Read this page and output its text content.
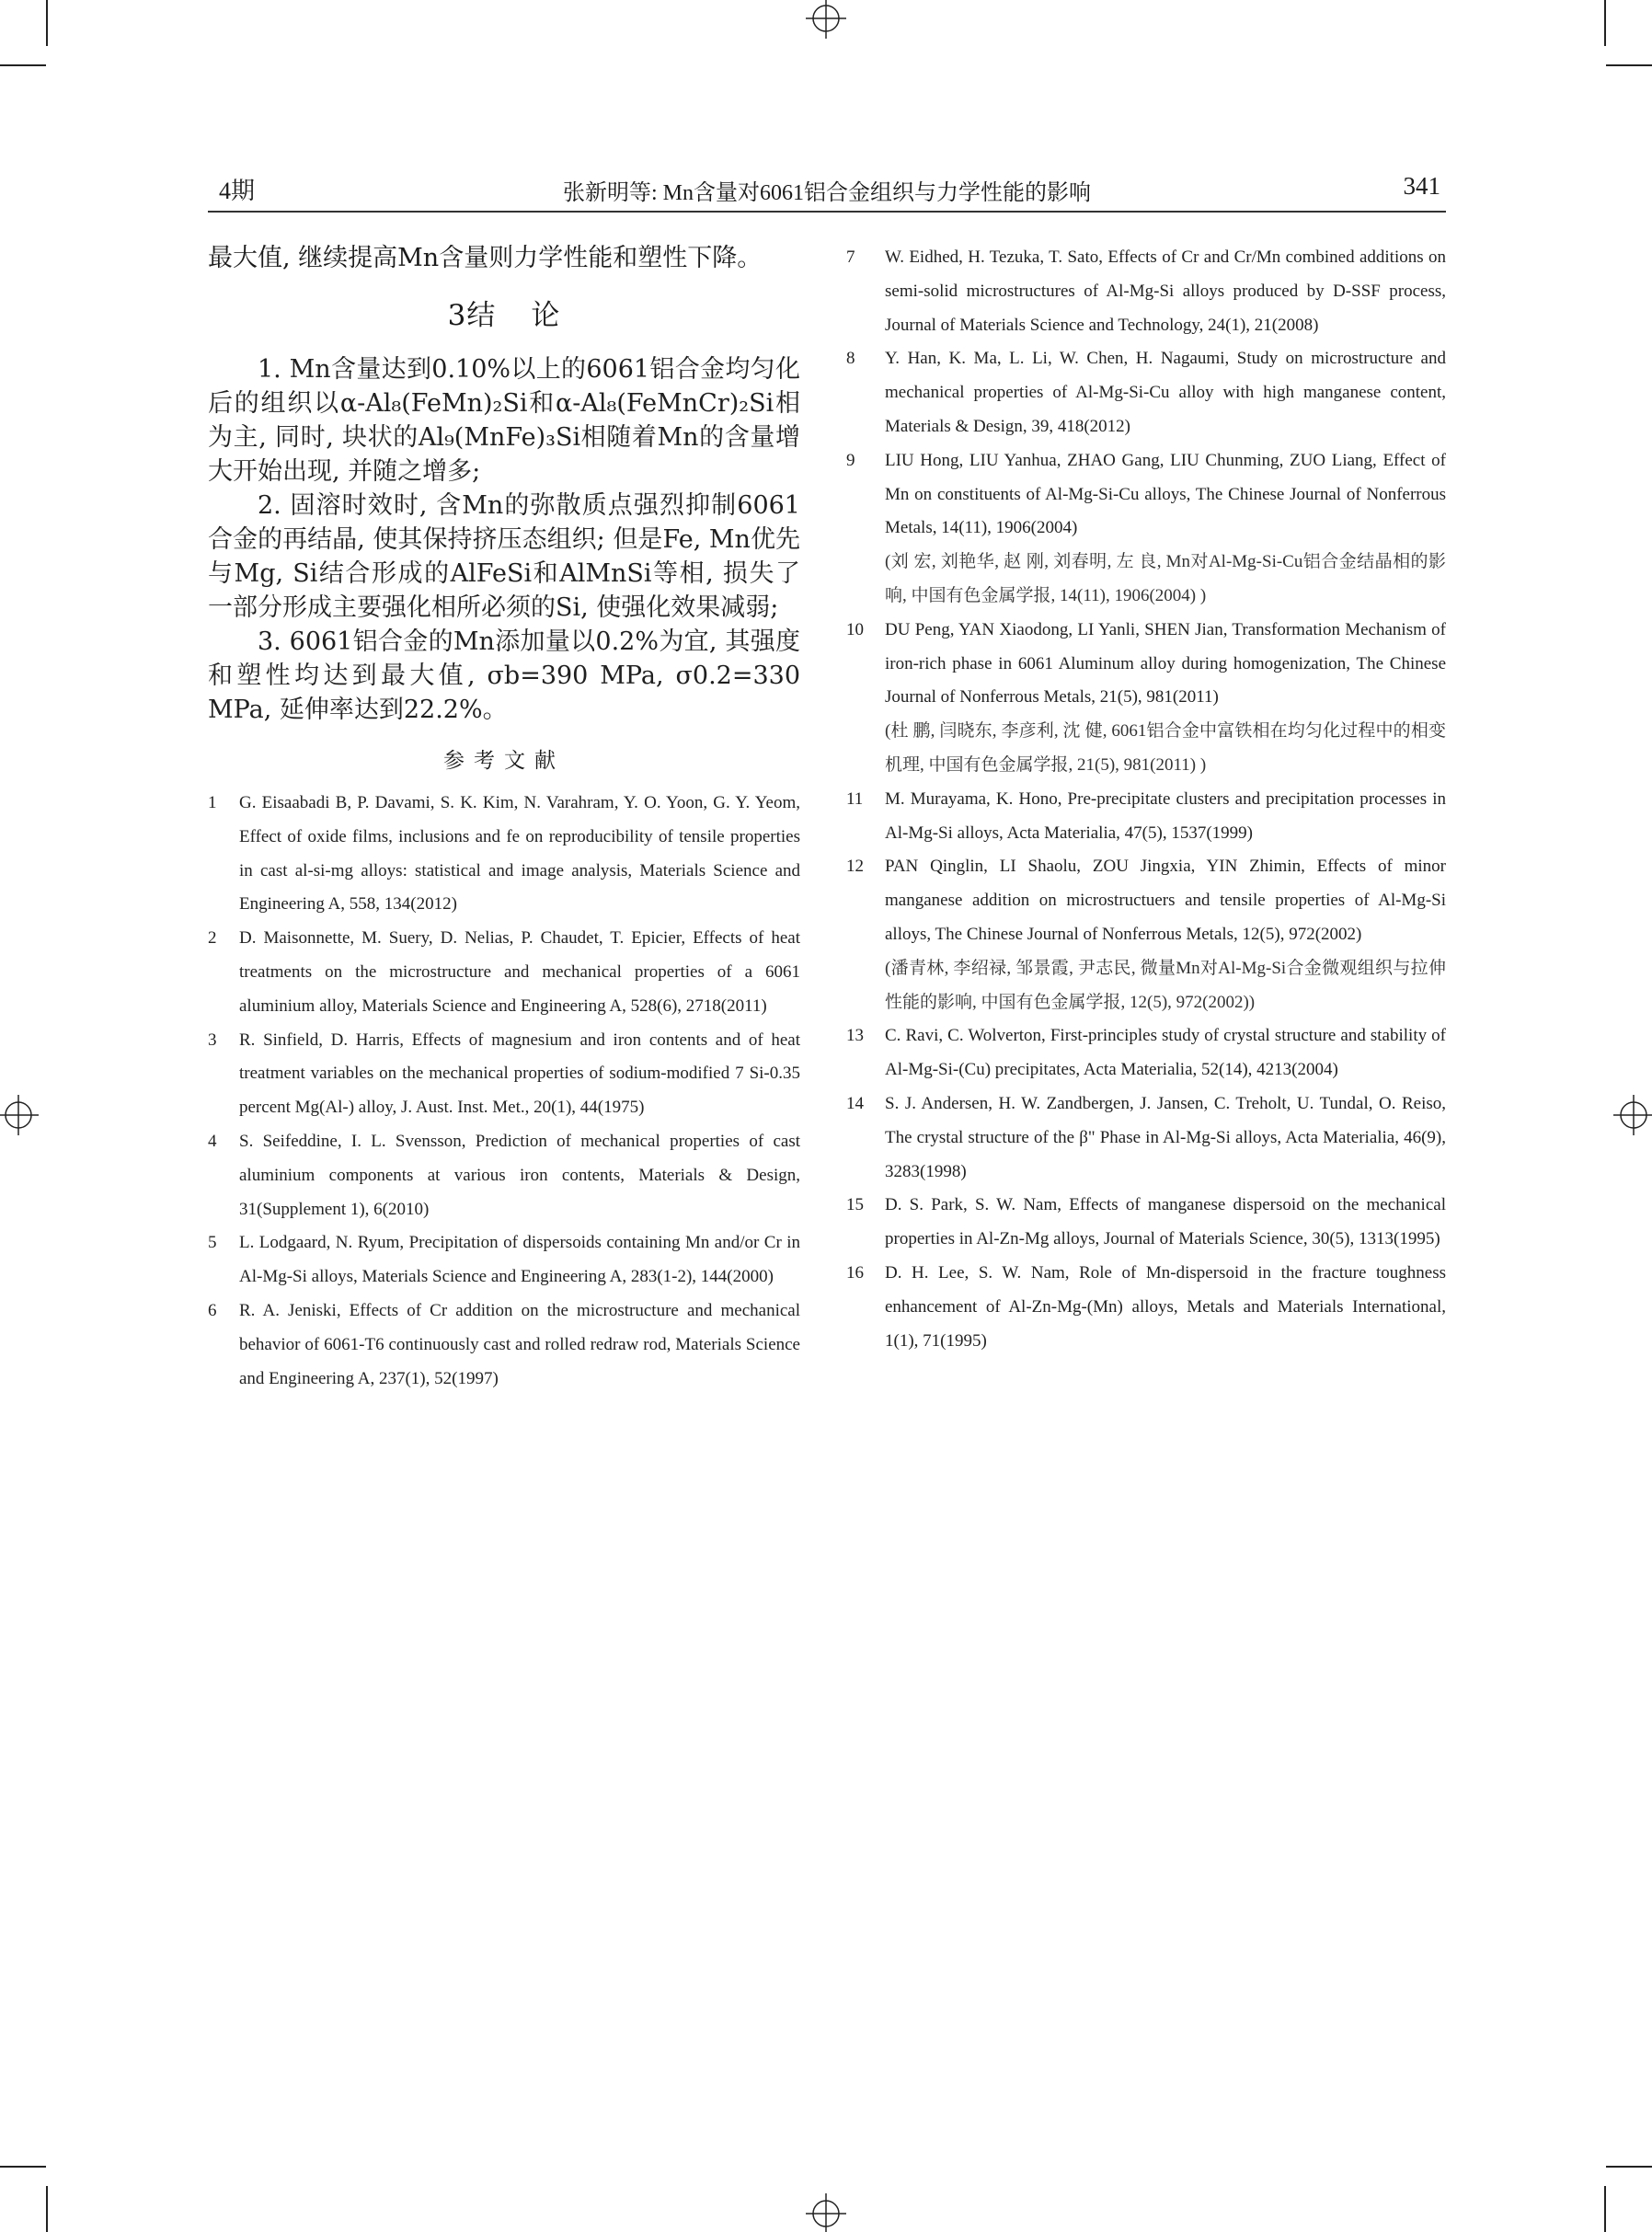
4期	张新明等: Mn含量对6061铝合金组织与力学性能的影响	341
最大值, 继续提高Mn含量则力学性能和塑性下降。
3结 论

1. Mn含量达到0.10%以上的6061铝合金均匀化后的组织以α-Al₈(FeMn)₂Si和α-Al₈(FeMnCr)₂Si相为主, 同时, 块状的Al₉(MnFe)₃Si相随着Mn的含量增大开始出现, 并随之增多;

2. 固溶时效时, 含Mn的弥散质点强烈抑制6061合金的再结晶, 使其保持挤压态组织; 但是Fe, Mn优先与Mg, Si结合形成的AlFeSi和AlMnSi等相, 损失了一部分形成主要强化相所必须的Si, 使强化效果减弱;

3. 6061铝合金的Mn添加量以0.2%为宜, 其强度和塑性均达到最大值, σb=390 MPa, σ0.2=330 MPa, 延伸率达到22.2%。

参考文献
1	G. Eisaabadi B, P. Davami, S. K. Kim, N. Varahram, Y. O. Yoon, G. Y. Yeom, Effect of oxide films, inclusions and fe on reproducibility of tensile properties in cast al-si-mg alloys: statistical and image analysis, Materials Science and Engineering A, 558, 134(2012)
2	D. Maisonnette, M. Suery, D. Nelias, P. Chaudet, T. Epicier, Effects of heat treatments on the microstructure and mechanical properties of a 6061 aluminium alloy, Materials Science and Engineering A, 528(6), 2718(2011)
3	R. Sinfield, D. Harris, Effects of magnesium and iron contents and of heat treatment variables on the mechanical properties of sodium-modified 7 Si-0.35 percent Mg(Al-) alloy, J. Aust. Inst. Met., 20(1), 44(1975)
4	S. Seifeddine, I. L. Svensson, Prediction of mechanical properties of cast aluminium components at various iron contents, Materials & Design, 31(Supplement 1), 6(2010)
5	L. Lodgaard, N. Ryum, Precipitation of dispersoids containing Mn and/or Cr in Al-Mg-Si alloys, Materials Science and Engineering A, 283(1-2), 144(2000)
6	R. A. Jeniski, Effects of Cr addition on the microstructure and mechanical behavior of 6061-T6 continuously cast and rolled redraw rod, Materials Science and Engineering A, 237(1), 52(1997)
7	W. Eidhed, H. Tezuka, T. Sato, Effects of Cr and Cr/Mn combined additions on semi-solid microstructures of Al-Mg-Si alloys produced by D-SSF process, Journal of Materials Science and Technology, 24(1), 21(2008)
8	Y. Han, K. Ma, L. Li, W. Chen, H. Nagaumi, Study on microstructure and mechanical properties of Al-Mg-Si-Cu alloy with high manganese content, Materials & Design, 39, 418(2012)
9	LIU Hong, LIU Yanhua, ZHAO Gang, LIU Chunming, ZUO Liang, Effect of Mn on constituents of Al-Mg-Si-Cu alloys, The Chinese Journal of Nonferrous Metals, 14(11), 1906(2004)
(刘 宏, 刘艳华, 赵 刚, 刘春明, 左 良, Mn对Al-Mg-Si-Cu铝合金结晶相的影响, 中国有色金属学报, 14(11), 1906(2004) )
10	DU Peng, YAN Xiaodong, LI Yanli, SHEN Jian, Transformation Mechanism of iron-rich phase in 6061 Aluminum alloy during homogenization, The Chinese Journal of Nonferrous Metals, 21(5), 981(2011)
(杜 鹏, 闫晓东, 李彦利, 沈 健, 6061铝合金中富铁相在均匀化过程中的相变机理, 中国有色金属学报, 21(5), 981(2011) )
11	M. Murayama, K. Hono, Pre-precipitate clusters and precipitation processes in Al-Mg-Si alloys, Acta Materialia, 47(5), 1537(1999)
12	PAN Qinglin, LI Shaolu, ZOU Jingxia, YIN Zhimin, Effects of minor manganese addition on microstructuers and tensile properties of Al-Mg-Si alloys, The Chinese Journal of Nonferrous Metals, 12(5), 972(2002)
(潘青林, 李绍禄, 邹景霞, 尹志民, 微量Mn对Al-Mg-Si合金微观组织与拉伸性能的影响, 中国有色金属学报, 12(5), 972(2002))
13	C. Ravi, C. Wolverton, First-principles study of crystal structure and stability of Al-Mg-Si-(Cu) precipitates, Acta Materialia, 52(14), 4213(2004)
14	S. J. Andersen, H. W. Zandbergen, J. Jansen, C. Treholt, U. Tundal, O. Reiso, The crystal structure of the β" Phase in Al-Mg-Si alloys, Acta Materialia, 46(9), 3283(1998)
15	D. S. Park, S. W. Nam, Effects of manganese dispersoid on the mechanical properties in Al-Zn-Mg alloys, Journal of Materials Science, 30(5), 1313(1995)
16	D. H. Lee, S. W. Nam, Role of Mn-dispersoid in the fracture toughness enhancement of Al-Zn-Mg-(Mn) alloys, Metals and Materials International, 1(1), 71(1995)
